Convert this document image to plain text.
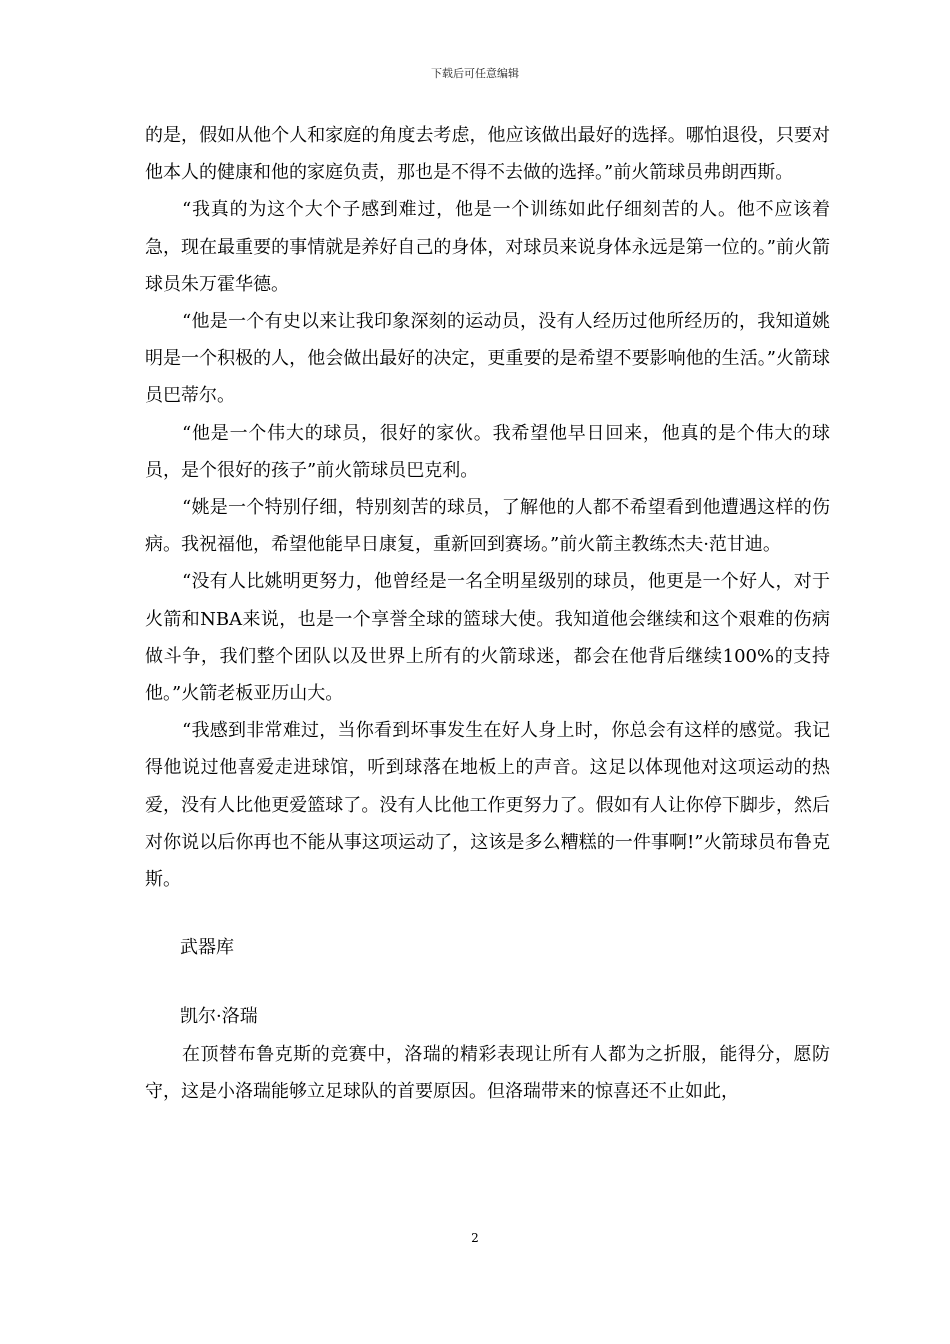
下载后可任意编辑

的是，假如从他个人和家庭的角度去考虑，他应该做出最好的选择。哪怕退役，只要对他本人的健康和他的家庭负责，那也是不得不去做的选择。”前火箭球员弗朗西斯。

“我真的为这个大个子感到难过，他是一个训练如此仔细刻苦的人。他不应该着急，现在最重要的事情就是养好自己的身体，对球员来说身体永远是第一位的。”前火箭球员朱万霍华德。

“他是一个有史以来让我印象深刻的运动员，没有人经历过他所经历的，我知道姚明是一个积极的人，他会做出最好的决定，更重要的是希望不要影响他的生活。”火箭球员巴蒂尔。

“他是一个伟大的球员，很好的家伙。我希望他早日回来，他真的是个伟大的球员，是个很好的孩子”前火箭球员巴克利。

“姚是一个特别仔细，特别刻苦的球员，了解他的人都不希望看到他遭遇这样的伤病。我祝福他，希望他能早日康复，重新回到赛场。”前火箭主教练杰夫·范甘迪。

“没有人比姚明更努力，他曾经是一名全明星级别的球员，他更是一个好人，对于火箭和NBA来说，也是一个享誉全球的篮球大使。我知道他会继续和这个艰难的伤病做斗争，我们整个团队以及世界上所有的火箭球迷，都会在他背后继续100%的支持他。”火箭老板亚历山大。

“我感到非常难过，当你看到坏事发生在好人身上时，你总会有这样的感觉。我记得他说过他喜爱走进球馆，听到球落在地板上的声音。这足以体现他对这项运动的热爱，没有人比他更爱篮球了。没有人比他工作更努力了。假如有人让你停下脚步，然后对你说以后你再也不能从事这项运动了，这该是多么糟糕的一件事啊!”火箭球员布鲁克斯。

武器库

凯尔·洛瑞

在顶替布鲁克斯的竞赛中，洛瑞的精彩表现让所有人都为之折服，能得分，愿防守，这是小洛瑞能够立足球队的首要原因。但洛瑞带来的惊喜还不止如此，

2
